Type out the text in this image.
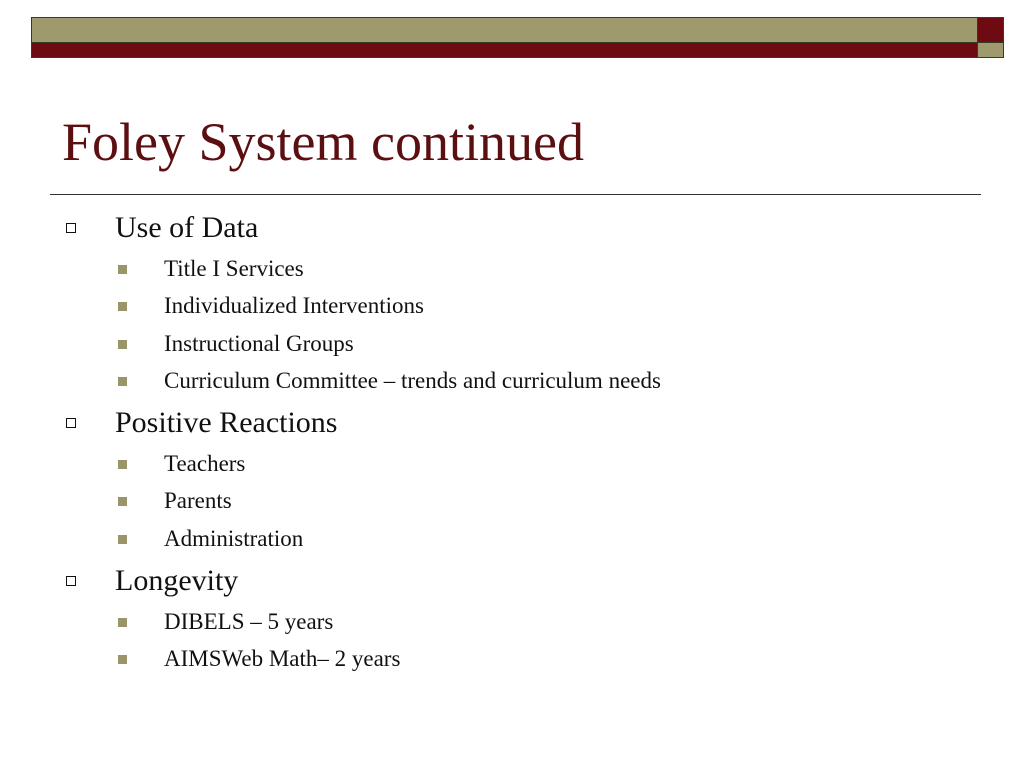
Foley System continued

Use of Data

Title I Services

Individualized Interventions

Instructional Groups

Curriculum Committee – trends and curriculum needs

Positive Reactions

Teachers

Parents

Administration

Longevity

DIBELS – 5 years

AIMSWeb Math– 2 years
